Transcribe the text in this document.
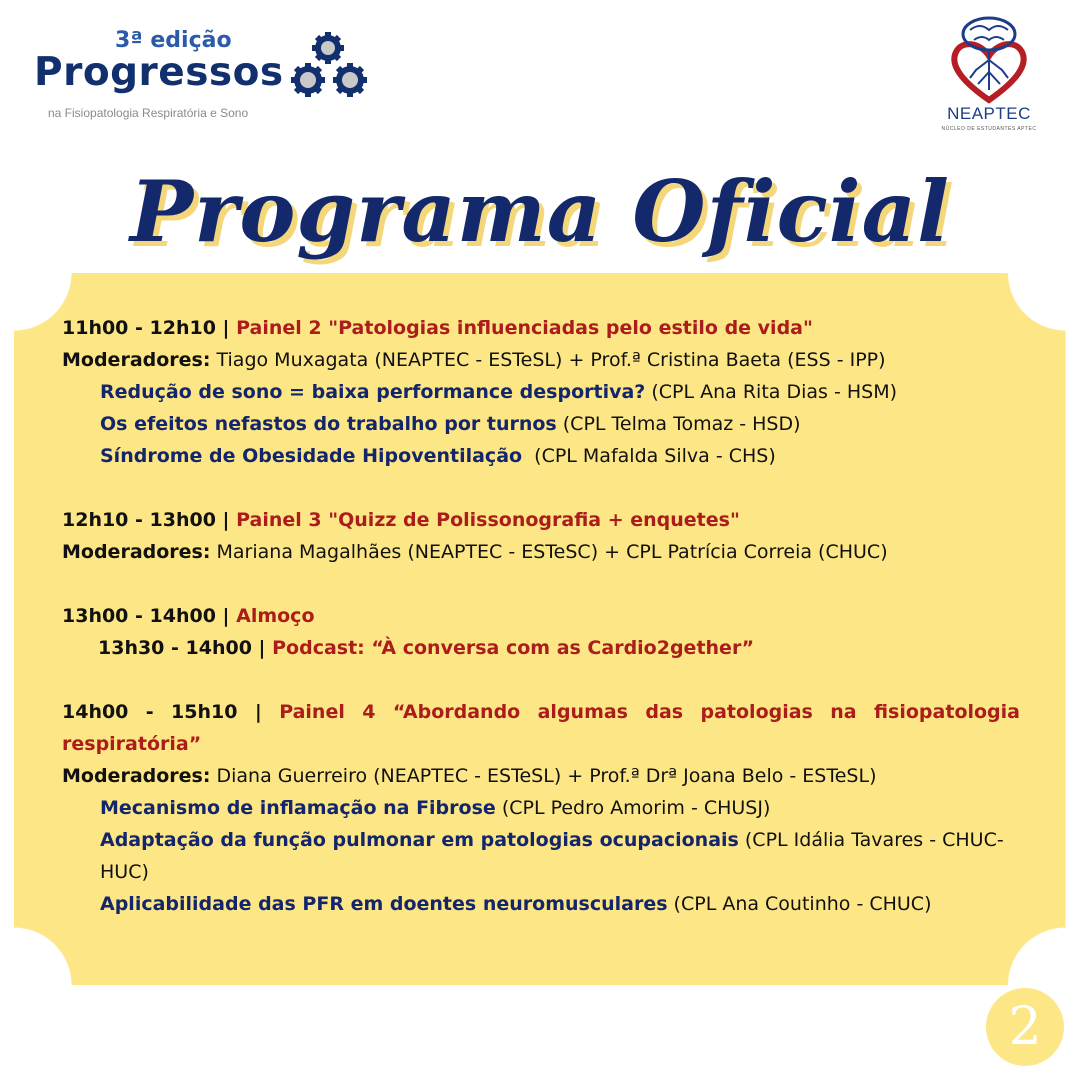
3ª edição
Progressos
na Fisiopatologia Respiratória e Sono	NEAPTEC
NÚCLEO DE ESTUDANTES APTEC
Programa Oficial
11h00 - 12h10 | Painel 2 "Patologias influenciadas pelo estilo de vida"
Moderadores: Tiago Muxagata (NEAPTEC - ESTeSL) + Prof.ª Cristina Baeta (ESS - IPP)
Redução de sono = baixa performance desportiva? (CPL Ana Rita Dias - HSM)
Os efeitos nefastos do trabalho por turnos (CPL Telma Tomaz - HSD)
Síndrome de Obesidade Hipoventilação  (CPL Mafalda Silva - CHS)
12h10 - 13h00 | Painel 3 "Quizz de Polissonografia + enquetes"
Moderadores: Mariana Magalhães (NEAPTEC - ESTeSC) + CPL Patrícia Correia (CHUC)
13h00 - 14h00 | Almoço
13h30 - 14h00 | Podcast: “À conversa com as Cardio2gether”
14h00 - 15h10 | Painel 4 “Abordando algumas das patologias na fisiopatologia respiratória”
Moderadores: Diana Guerreiro (NEAPTEC - ESTeSL) + Prof.ª Drª Joana Belo - ESTeSL)
Mecanismo de inflamação na Fibrose (CPL Pedro Amorim - CHUSJ)
Adaptação da função pulmonar em patologias ocupacionais (CPL Idália Tavares - CHUC-HUC)
Aplicabilidade das PFR em doentes neuromusculares (CPL Ana Coutinho - CHUC)
2
